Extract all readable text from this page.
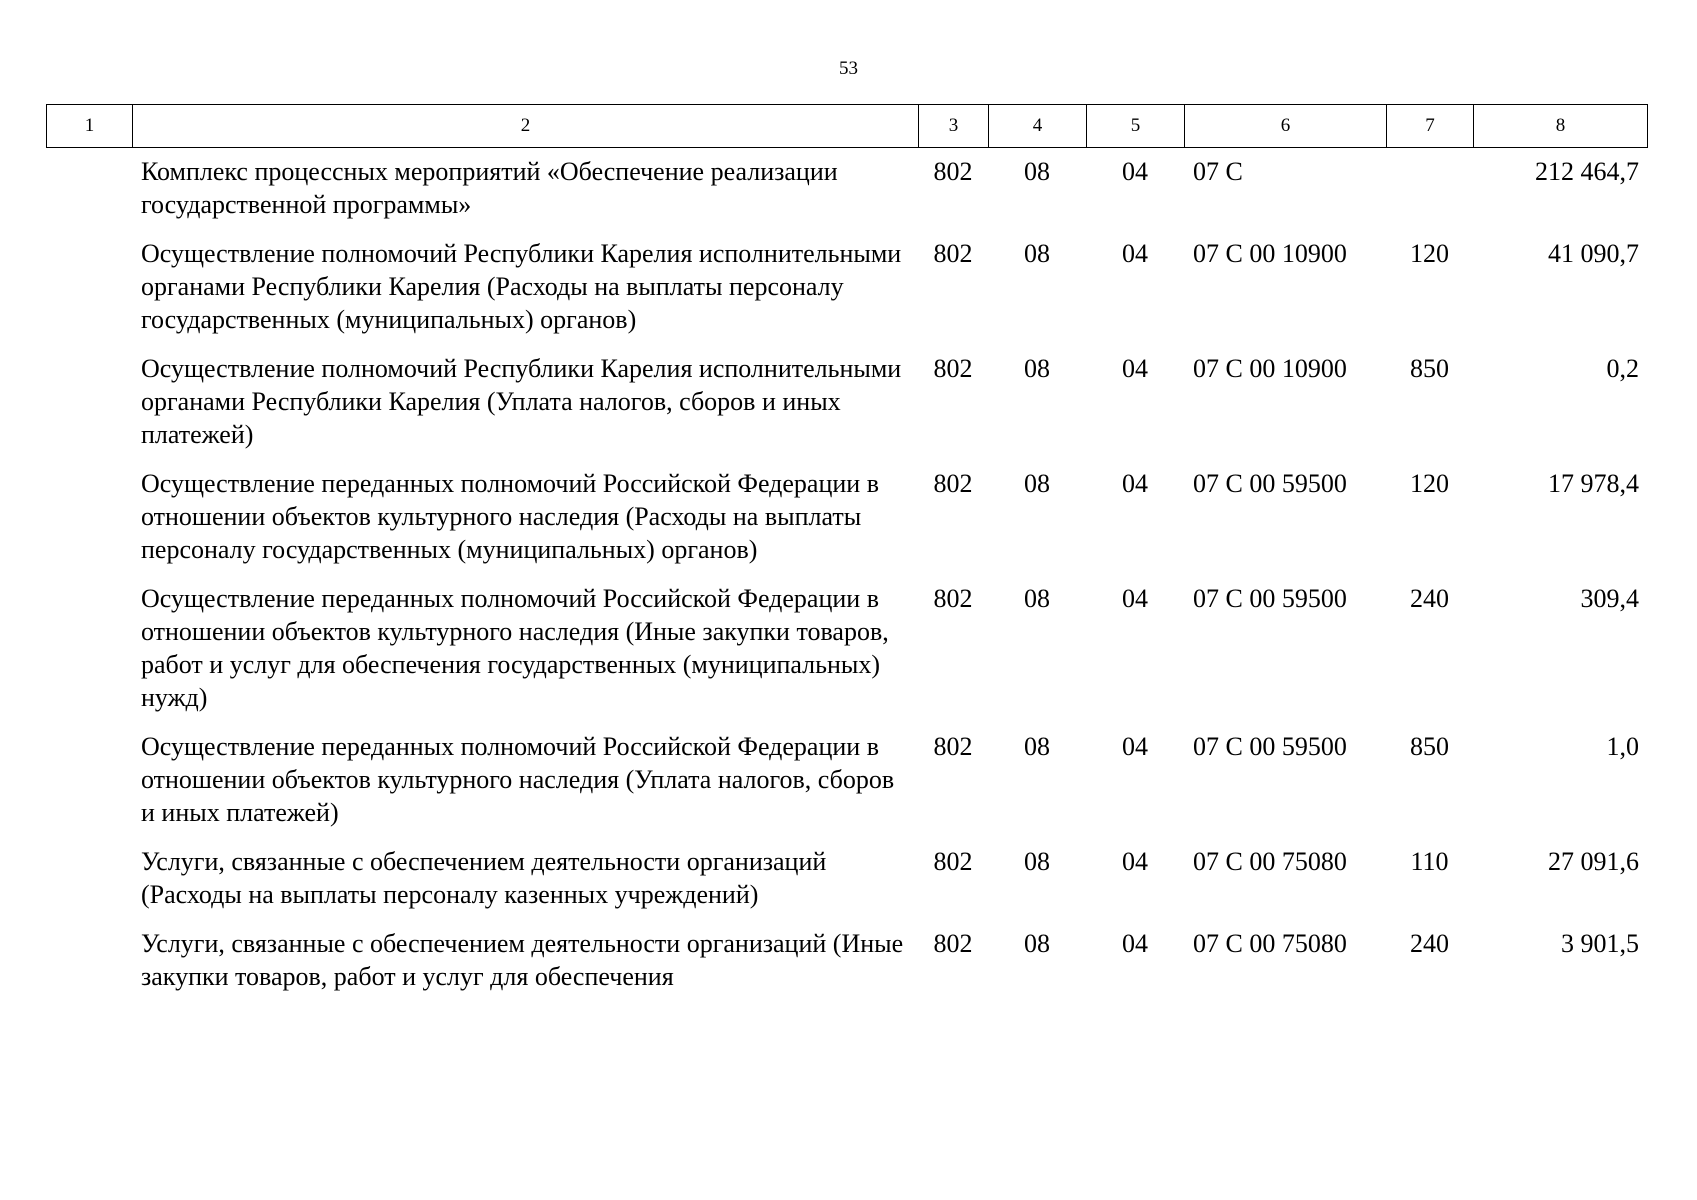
53
1	2	3	4	5	6	7	8
	Комплекс процессных мероприятий «Обеспечение реализации государственной программы»	802	08	04	07 С		212 464,7
	Осуществление полномочий Республики Карелия исполнительными органами Республики Карелия (Расходы на выплаты персоналу государственных (муниципальных) органов)	802	08	04	07 С 00 10900	120	41 090,7
	Осуществление полномочий Республики Карелия исполнительными органами Республики Карелия (Уплата налогов, сборов и иных платежей)	802	08	04	07 С 00 10900	850	0,2
	Осуществление переданных полномочий Российской Федерации в отношении объектов культурного наследия (Расходы на выплаты персоналу государственных (муниципальных) органов)	802	08	04	07 С 00 59500	120	17 978,4
	Осуществление переданных полномочий Российской Федерации в отношении объектов культурного наследия (Иные закупки товаров, работ и услуг для обеспечения государственных (муниципальных) нужд)	802	08	04	07 С 00 59500	240	309,4
	Осуществление переданных полномочий Российской Федерации в отношении объектов культурного наследия (Уплата налогов, сборов и иных платежей)	802	08	04	07 С 00 59500	850	1,0
	Услуги, связанные с обеспечением деятельности организаций (Расходы на выплаты персоналу казенных учреждений)	802	08	04	07 С 00 75080	110	27 091,6
	Услуги, связанные с обеспечением деятельности организаций (Иные закупки товаров, работ и услуг для обеспечения	802	08	04	07 С 00 75080	240	3 901,5
